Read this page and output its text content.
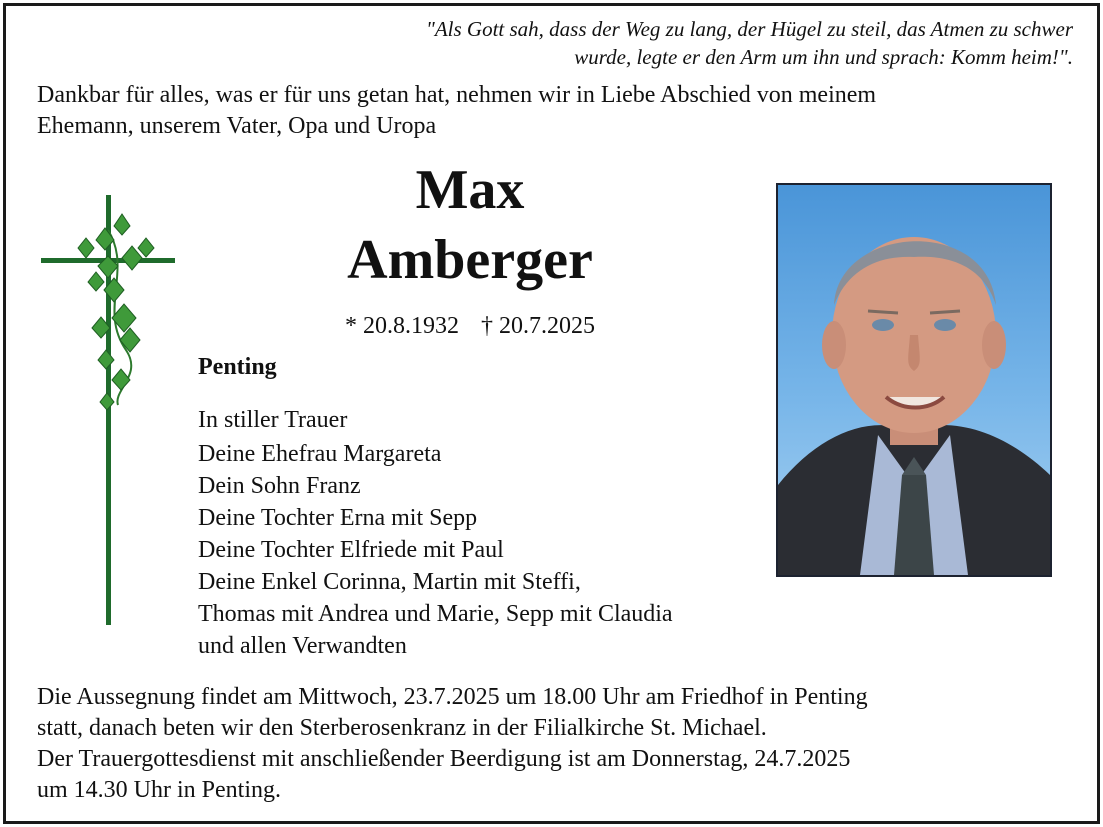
"Als Gott sah, dass der Weg zu lang, der Hügel zu steil, das Atmen zu schwer
wurde, legte er den Arm um ihn und sprach: Komm heim!".
Dankbar für alles, was er für uns getan hat, nehmen wir in Liebe Abschied von meinem
Ehemann, unserem Vater, Opa und Uropa
Max
Amberger
* 20.8.1932 † 20.7.2025
Penting
In stiller Trauer
Deine Ehefrau Margareta
Dein Sohn Franz
Deine Tochter Erna mit Sepp
Deine Tochter Elfriede mit Paul
Deine Enkel Corinna, Martin mit Steffi,
Thomas mit Andrea und Marie, Sepp mit Claudia
und allen Verwandten
Die Aussegnung findet am Mittwoch, 23.7.2025 um 18.00 Uhr am Friedhof in Penting
statt, danach beten wir den Sterberosenkranz in der Filialkirche St. Michael.
Der Trauergottesdienst mit anschließender Beerdigung ist am Donnerstag, 24.7.2025
um 14.30 Uhr in Penting.
